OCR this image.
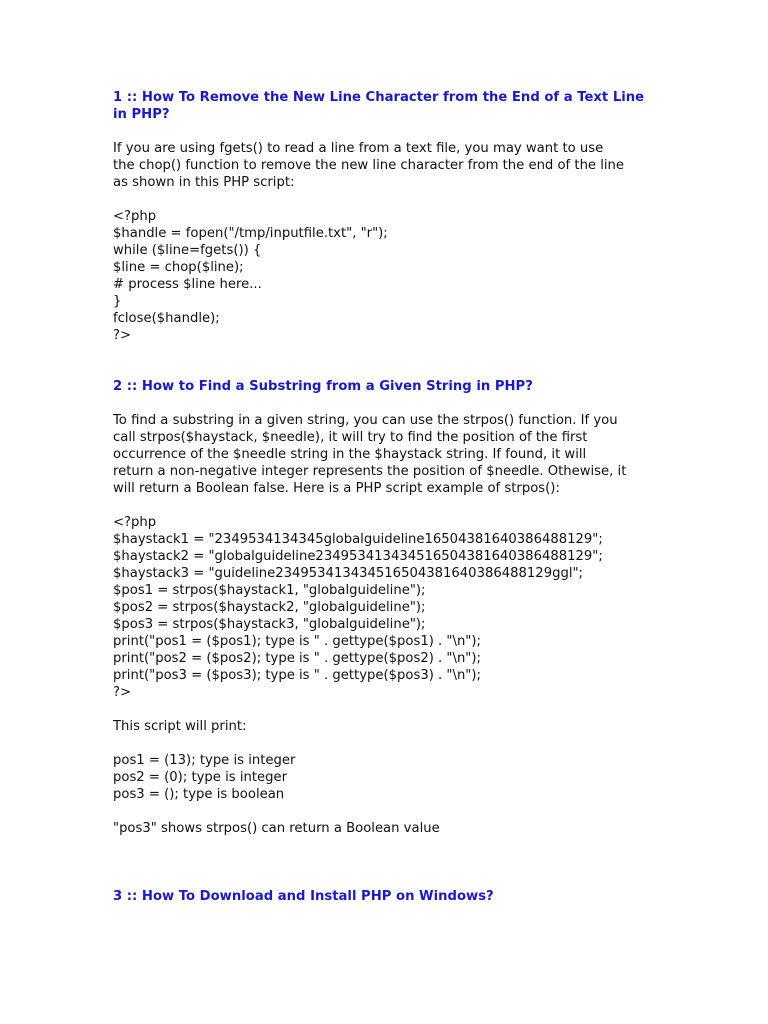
1 :: How To Remove the New Line Character from the End of a Text Line in PHP?

If you are using fgets() to read a line from a text file, you may want to use

the chop() function to remove the new line character from the end of the line

as shown in this PHP script:

<?php

$handle = fopen("/tmp/inputfile.txt", "r");

while ($line=fgets()) {

$line = chop($line);

# process $line here...

}

fclose($handle);

?>

2 :: How to Find a Substring from a Given String in PHP?

To find a substring in a given string, you can use the strpos() function. If you

call strpos($haystack, $needle), it will try to find the position of the first

occurrence of the $needle string in the $haystack string. If found, it will

return a non-negative integer represents the position of $needle. Othewise, it

will return a Boolean false. Here is a PHP script example of strpos():

<?php

$haystack1 = "2349534134345globalguideline16504381640386488129";

$haystack2 = "globalguideline234953413434516504381640386488129";

$haystack3 = "guideline234953413434516504381640386488129ggl";

$pos1 = strpos($haystack1, "globalguideline");

$pos2 = strpos($haystack2, "globalguideline");

$pos3 = strpos($haystack3, "globalguideline");

print("pos1 = ($pos1); type is " . gettype($pos1) . "\n");

print("pos2 = ($pos2); type is " . gettype($pos2) . "\n");

print("pos3 = ($pos3); type is " . gettype($pos3) . "\n");

?>

This script will print:

pos1 = (13); type is integer

pos2 = (0); type is integer

pos3 = (); type is boolean

"pos3" shows strpos() can return a Boolean value

3 :: How To Download and Install PHP on Windows?
